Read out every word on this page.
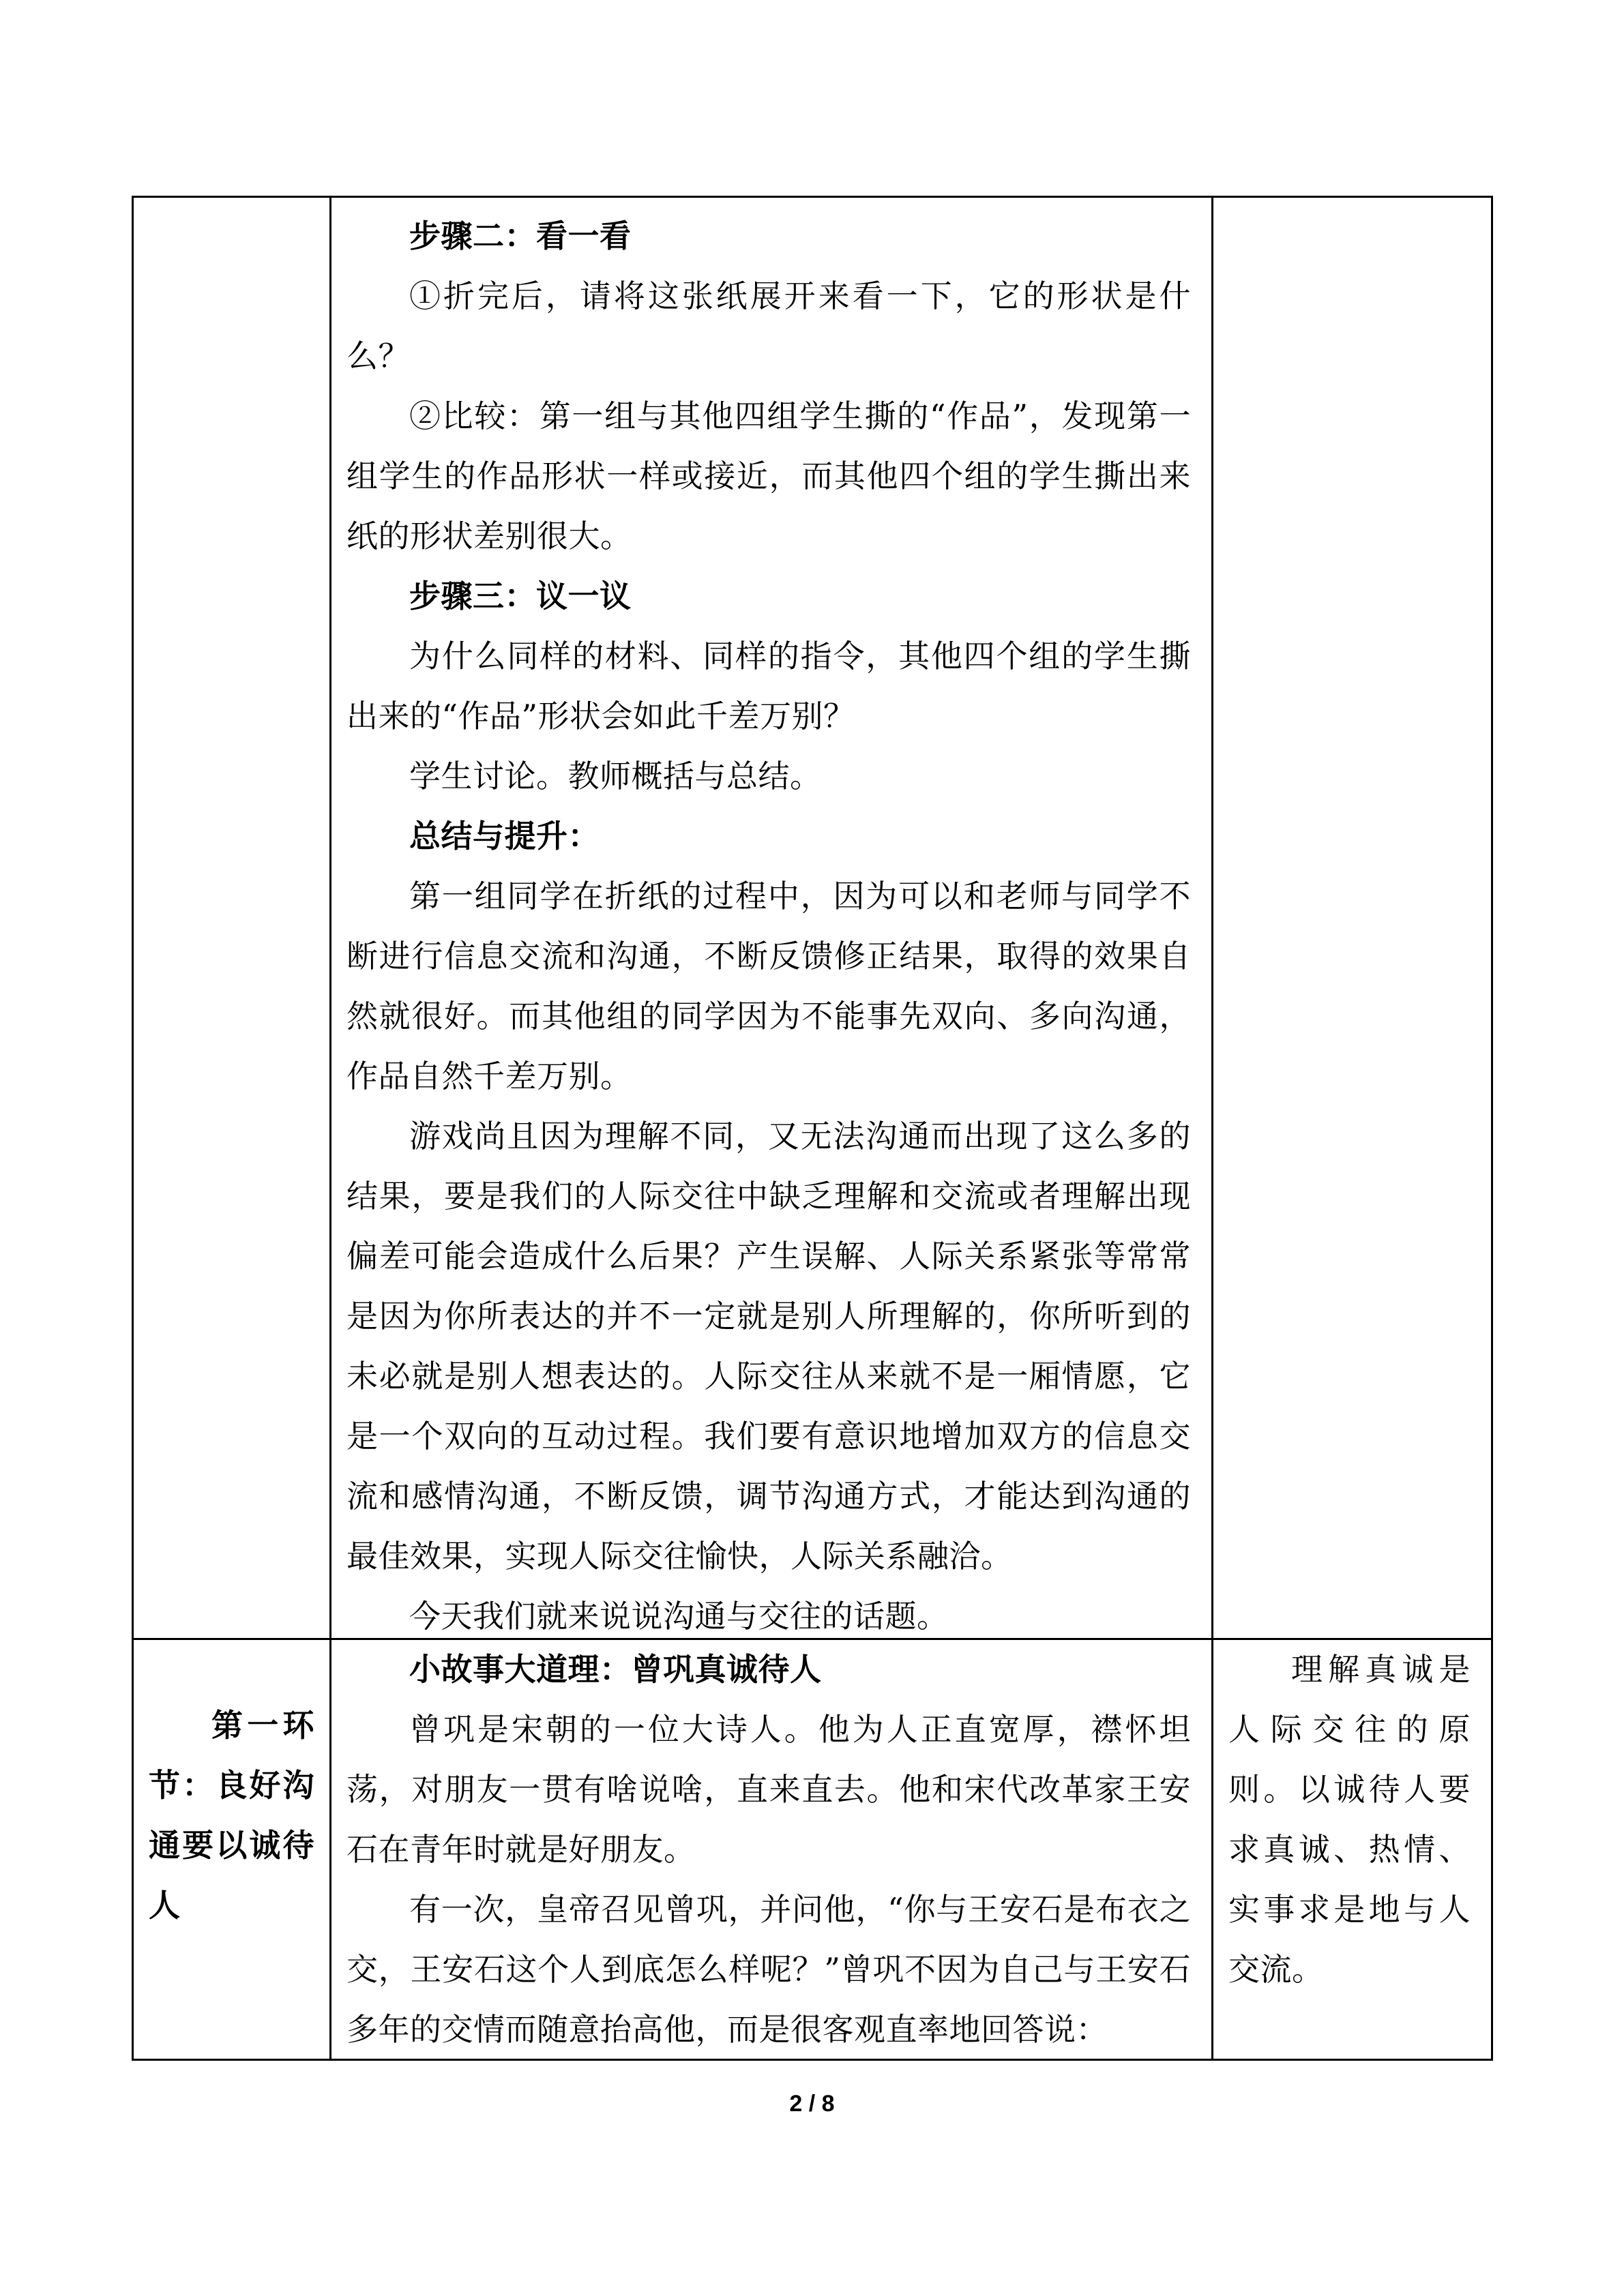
步骤二：看一看

①折完后，请将这张纸展开来看一下，它的形状是什么？

②比较：第一组与其他四组学生撕的“作品”，发现第一组学生的作品形状一样或接近，而其他四个组的学生撕出来纸的形状差别很大。

步骤三：议一议

为什么同样的材料、同样的指令，其他四个组的学生撕出来的“作品”形状会如此千差万别？

学生讨论。教师概括与总结。

总结与提升：

第一组同学在折纸的过程中，因为可以和老师与同学不断进行信息交流和沟通，不断反馈修正结果，取得的效果自然就很好。而其他组的同学因为不能事先双向、多向沟通，作品自然千差万别。

游戏尚且因为理解不同，又无法沟通而出现了这么多的结果，要是我们的人际交往中缺乏理解和交流或者理解出现偏差可能会造成什么后果？产生误解、人际关系紧张等常常是因为你所表达的并不一定就是别人所理解的，你所听到的未必就是别人想表达的。人际交往从来就不是一厢情愿，它是一个双向的互动过程。我们要有意识地增加双方的信息交流和感情沟通，不断反馈，调节沟通方式，才能达到沟通的最佳效果，实现人际交往愉快，人际关系融洽。

今天我们就来说说沟通与交往的话题。

第一环节：良好沟通要以诚待人

小故事大道理：曾巩真诚待人

曾巩是宋朝的一位大诗人。他为人正直宽厚，襟怀坦荡，对朋友一贯有啥说啥，直来直去。他和宋代改革家王安石在青年时就是好朋友。

有一次，皇帝召见曾巩，并问他，“你与王安石是布衣之交，王安石这个人到底怎么样呢？”曾巩不因为自己与王安石多年的交情而随意抬高他，而是很客观直率地回答说：

理解真诚是人际交往的原则。以诚待人要求真诚、热情、实事求是地与人交流。

2 / 8
